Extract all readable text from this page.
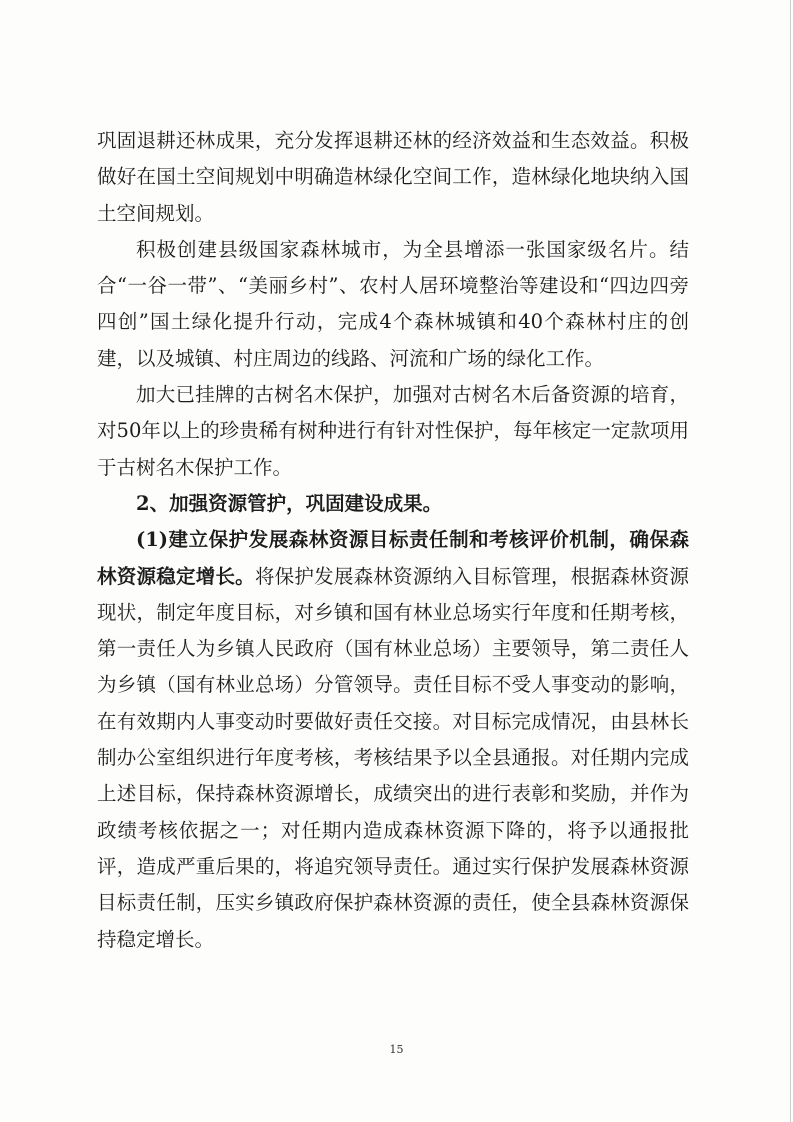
巩固退耕还林成果，充分发挥退耕还林的经济效益和生态效益。积极做好在国土空间规划中明确造林绿化空间工作，造林绿化地块纳入国土空间规划。

积极创建县级国家森林城市，为全县增添一张国家级名片。结合“一谷一带”、“美丽乡村”、农村人居环境整治等建设和“四边四旁四创”国土绿化提升行动，完成4个森林城镇和40个森林村庄的创建，以及城镇、村庄周边的线路、河流和广场的绿化工作。

加大已挂牌的古树名木保护，加强对古树名木后备资源的培育，对50年以上的珍贵稀有树种进行有针对性保护，每年核定一定款项用于古树名木保护工作。

2、加强资源管护，巩固建设成果。

(1)建立保护发展森林资源目标责任制和考核评价机制，确保森林资源稳定增长。将保护发展森林资源纳入目标管理，根据森林资源现状，制定年度目标，对乡镇和国有林业总场实行年度和任期考核，第一责任人为乡镇人民政府（国有林业总场）主要领导，第二责任人为乡镇（国有林业总场）分管领导。责任目标不受人事变动的影响，在有效期内人事变动时要做好责任交接。对目标完成情况，由县林长制办公室组织进行年度考核，考核结果予以全县通报。对任期内完成上述目标，保持森林资源增长，成绩突出的进行表彰和奖励，并作为政绩考核依据之一；对任期内造成森林资源下降的，将予以通报批评，造成严重后果的，将追究领导责任。通过实行保护发展森林资源目标责任制，压实乡镇政府保护森林资源的责任，使全县森林资源保持稳定增长。

15
